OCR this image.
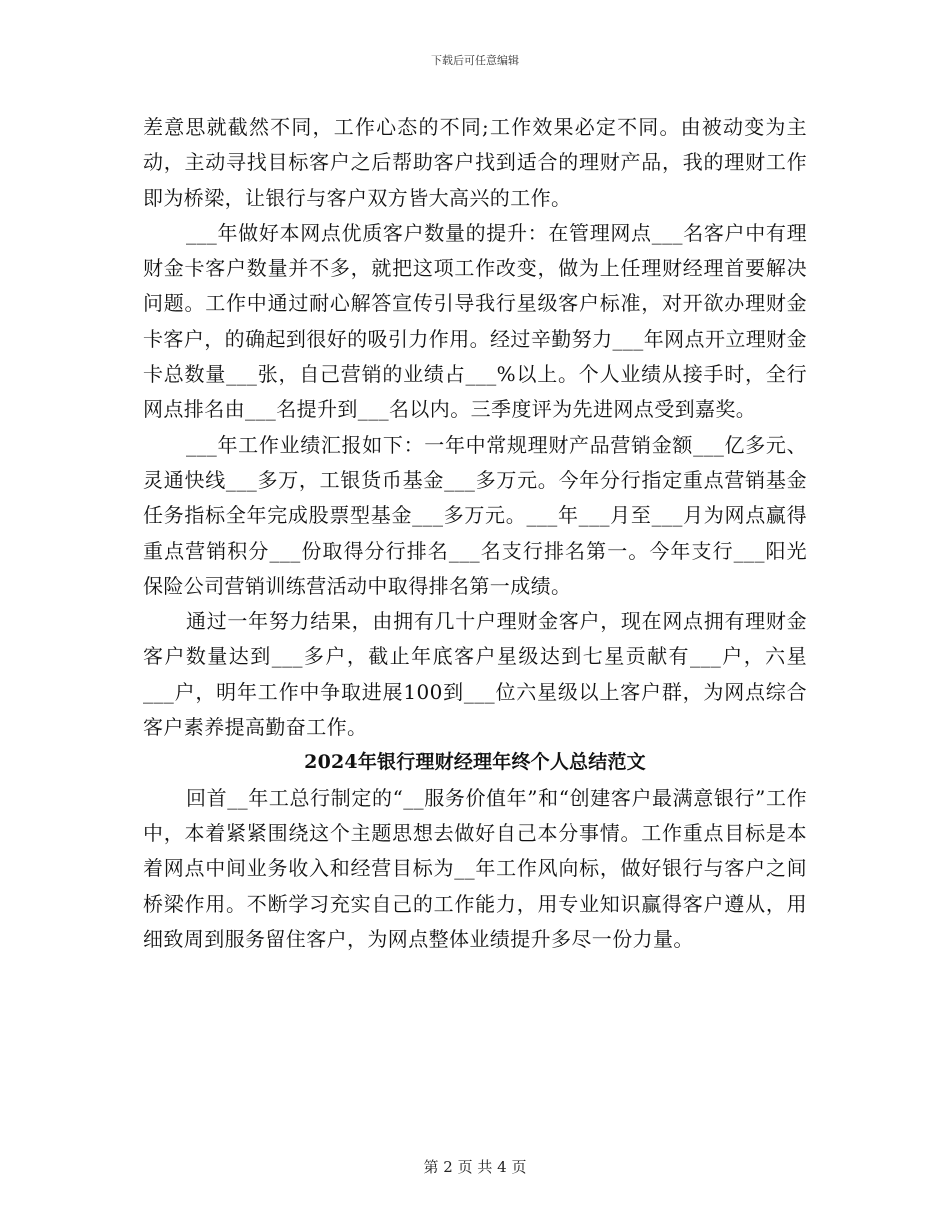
下载后可任意编辑

差意思就截然不同，工作心态的不同;工作效果必定不同。由被动变为主动，主动寻找目标客户之后帮助客户找到适合的理财产品，我的理财工作即为桥梁，让银行与客户双方皆大高兴的工作。

___年做好本网点优质客户数量的提升：在管理网点___名客户中有理财金卡客户数量并不多，就把这项工作改变，做为上任理财经理首要解决问题。工作中通过耐心解答宣传引导我行星级客户标准，对开欲办理财金卡客户，的确起到很好的吸引力作用。经过辛勤努力___年网点开立理财金卡总数量___张，自己营销的业绩占___%以上。个人业绩从接手时，全行网点排名由___名提升到___名以内。三季度评为先进网点受到嘉奖。

___年工作业绩汇报如下：一年中常规理财产品营销金额___亿多元、灵通快线___多万，工银货币基金___多万元。今年分行指定重点营销基金任务指标全年完成股票型基金___多万元。___年___月至___月为网点赢得重点营销积分___份取得分行排名___名支行排名第一。今年支行___阳光保险公司营销训练营活动中取得排名第一成绩。

通过一年努力结果，由拥有几十户理财金客户，现在网点拥有理财金客户数量达到___多户，截止年底客户星级达到七星贡献有___户，六星___户，明年工作中争取进展100到___位六星级以上客户群，为网点综合客户素养提高勤奋工作。

2024年银行理财经理年终个人总结范文

回首__年工总行制定的“__服务价值年”和“创建客户最满意银行”工作中，本着紧紧围绕这个主题思想去做好自己本分事情。工作重点目标是本着网点中间业务收入和经营目标为__年工作风向标，做好银行与客户之间桥梁作用。不断学习充实自己的工作能力，用专业知识赢得客户遵从，用细致周到服务留住客户，为网点整体业绩提升多尽一份力量。

第 2 页 共 4 页
